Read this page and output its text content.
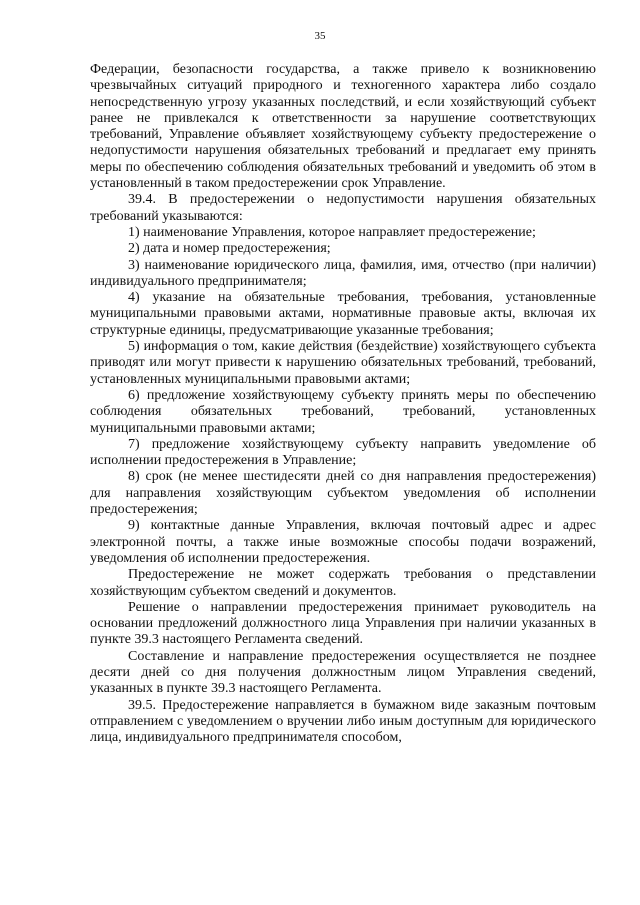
35

Федерации, безопасности государства, а также привело к возникновению чрезвычайных ситуаций природного и техногенного характера либо создало непосредственную угрозу указанных последствий, и если хозяйствующий субъект ранее не привлекался к ответственности за нарушение соответствующих требований, Управление объявляет хозяйствующему субъекту предостережение о недопустимости нарушения обязательных требований и предлагает ему принять меры по обеспечению соблюдения обязательных требований и уведомить об этом в установленный в таком предостережении срок Управление.

39.4. В предостережении о недопустимости нарушения обязательных требований указываются:

1) наименование Управления, которое направляет предостережение;

2) дата и номер предостережения;

3) наименование юридического лица, фамилия, имя, отчество (при наличии) индивидуального предпринимателя;

4) указание на обязательные требования, требования, установленные муниципальными правовыми актами, нормативные правовые акты, включая их структурные единицы, предусматривающие указанные требования;

5) информация о том, какие действия (бездействие) хозяйствующего субъекта приводят или могут привести к нарушению обязательных требований, требований, установленных муниципальными правовыми актами;

6) предложение хозяйствующему субъекту принять меры по обеспечению соблюдения обязательных требований, требований, установленных муниципальными правовыми актами;

7) предложение хозяйствующему субъекту направить уведомление об исполнении предостережения в Управление;

8) срок (не менее шестидесяти дней со дня направления предостережения) для направления хозяйствующим субъектом уведомления об исполнении предостережения;

9) контактные данные Управления, включая почтовый адрес и адрес электронной почты, а также иные возможные способы подачи возражений, уведомления об исполнении предостережения.

Предостережение не может содержать требования о представлении хозяйствующим субъектом сведений и документов.

Решение о направлении предостережения принимает руководитель на основании предложений должностного лица Управления при наличии указанных в пункте 39.3 настоящего Регламента сведений.

Составление и направление предостережения осуществляется не позднее десяти дней со дня получения должностным лицом Управления сведений, указанных в пункте 39.3 настоящего Регламента.

39.5. Предостережение направляется в бумажном виде заказным почтовым отправлением с уведомлением о вручении либо иным доступным для юридического лица, индивидуального предпринимателя способом,
